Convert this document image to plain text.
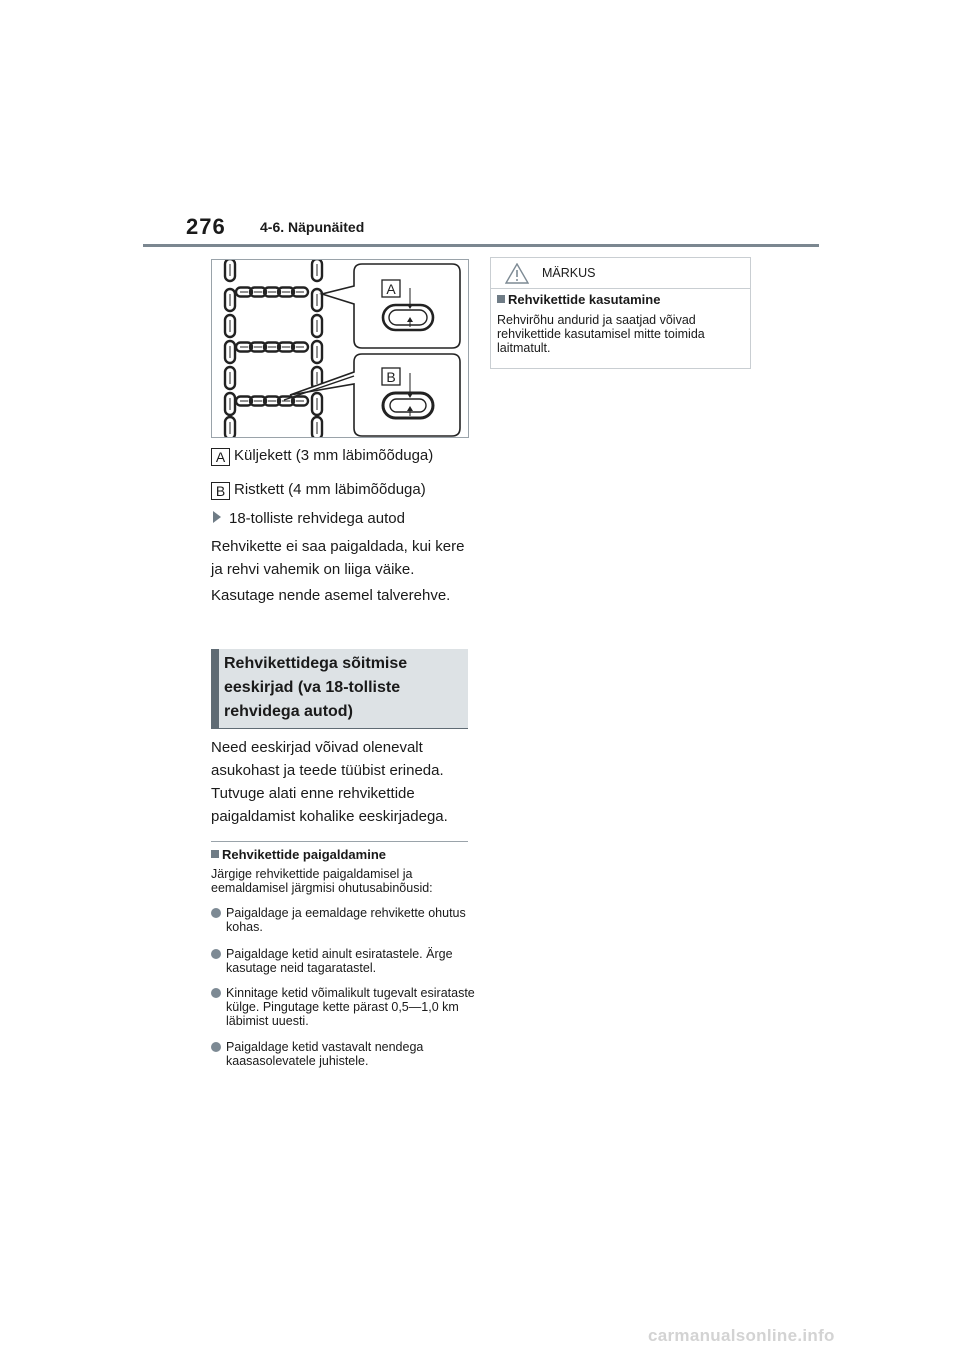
276 4-6. Näpunäited
A
B
A Küljekett (3 mm läbimõõduga)
B Ristkett (4 mm läbimõõduga)
18-tolliste rehvidega autod
Rehvikette ei saa paigaldada, kui kere ja rehvi vahemik on liiga väike.
Kasutage nende asemel talverehve.
Rehvikettidega sõitmise eeskirjad (va 18-tolliste rehvidega autod)
Need eeskirjad võivad olenevalt asukohast ja teede tüübist erineda. Tutvuge alati enne rehvikettide paigaldamist kohalike eeskirjadega.
Rehvikettide paigaldamine
Järgige rehvikettide paigaldamisel ja eemaldamisel järgmisi ohutusabinõusid:
Paigaldage ja eemaldage rehvikette ohutus kohas.
Paigaldage ketid ainult esiratastele. Ärge kasutage neid tagaratastel.
Kinnitage ketid võimalikult tugevalt esirataste külge. Pingutage kette pärast 0,5—1,0 km läbimist uuesti.
Paigaldage ketid vastavalt nendega kaasasolevatele juhistele.
MÄRKUS
Rehvikettide kasutamine
Rehvirõhu andurid ja saatjad võivad rehvikettide kasutamisel mitte toimida laitmatult.
carmanualsonline.info
